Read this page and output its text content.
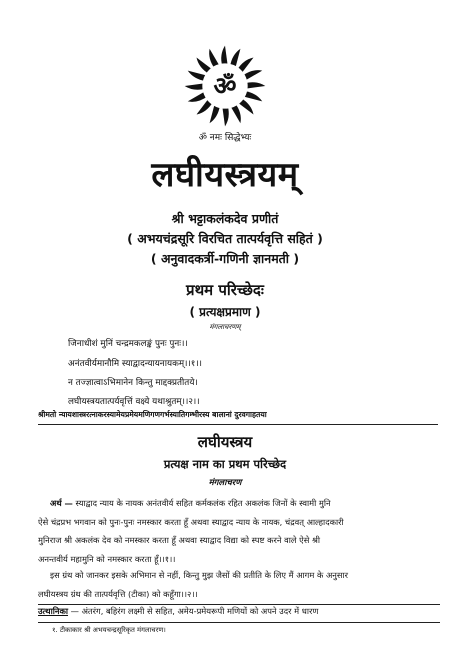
ॐ
ॐ नमः सिद्धेभ्यः
लघीयस्त्रयम्
श्री भट्टाकलंकदेव प्रणीतं
( अभयचंद्रसूरि विरचित तात्पर्यवृत्ति सहितं )
( अनुवादकर्त्री-गणिनी ज्ञानमती )
प्रथम परिच्छेदः
( प्रत्यक्षप्रमाण )
मंगलाचरणम्
जिनाधीशं मुनिं चन्द्रमकलङ्कं पुनः पुनः।।
अनंतवीर्यमानौमि स्याद्वादन्यायनायकम्।।१।।
न तज्ज्ञात्वाऽभिमानेन किन्तु माद्दक्प्रतीतये।
लघीयस्त्रयतात्पर्यवृत्तिं वक्ष्ये यथाश्रुतम्।।२।।
श्रीमतो न्यायशास्त्ररत्नाकरस्यामेयप्रमेयमणिगणगर्भस्यातिगम्भीरस्य बालानां दुरवगाहतया
लघीयस्त्रय
प्रत्यक्ष नाम का प्रथम परिच्छेद
मंगलाचरण

अर्थ — स्याद्वाद न्याय के नायक अनंतवीर्य सहित कर्मकलंक रहित अकलंक जिनों के स्वामी मुनि

ऐसे चंद्रप्रभ भगवान को पुनः-पुनः नमस्कार करता हूँ अथवा स्याद्वाद न्याय के नायक, चंद्रवत् आल्हादकारी

मुनिराज श्री अकलंक देव को नमस्कार करता हूँ अथवा स्याद्वाद विद्या को स्पष्ट करने वाले ऐसे श्री

अनन्तवीर्य महामुनि को नमस्कार करता हूँ।।१।।

इस ग्रंथ को जानकर इसके अभिमान से नहीं, किन्तु मुझ जैसों की प्रतीति के लिए मैं आगम के अनुसार

लघीयस्त्रय ग्रंथ की तात्पर्यवृत्ति (टीका) को कहूँगा।।२।।

उत्थानिका — अंतरंग, बहिरंग लक्ष्मी से सहित, अमेय-प्रमेयरूपी मणियों को अपने उदर में धारण
१. टीकाकार श्री अभयचन्द्रसूरिकृत मंगलाचरण।
